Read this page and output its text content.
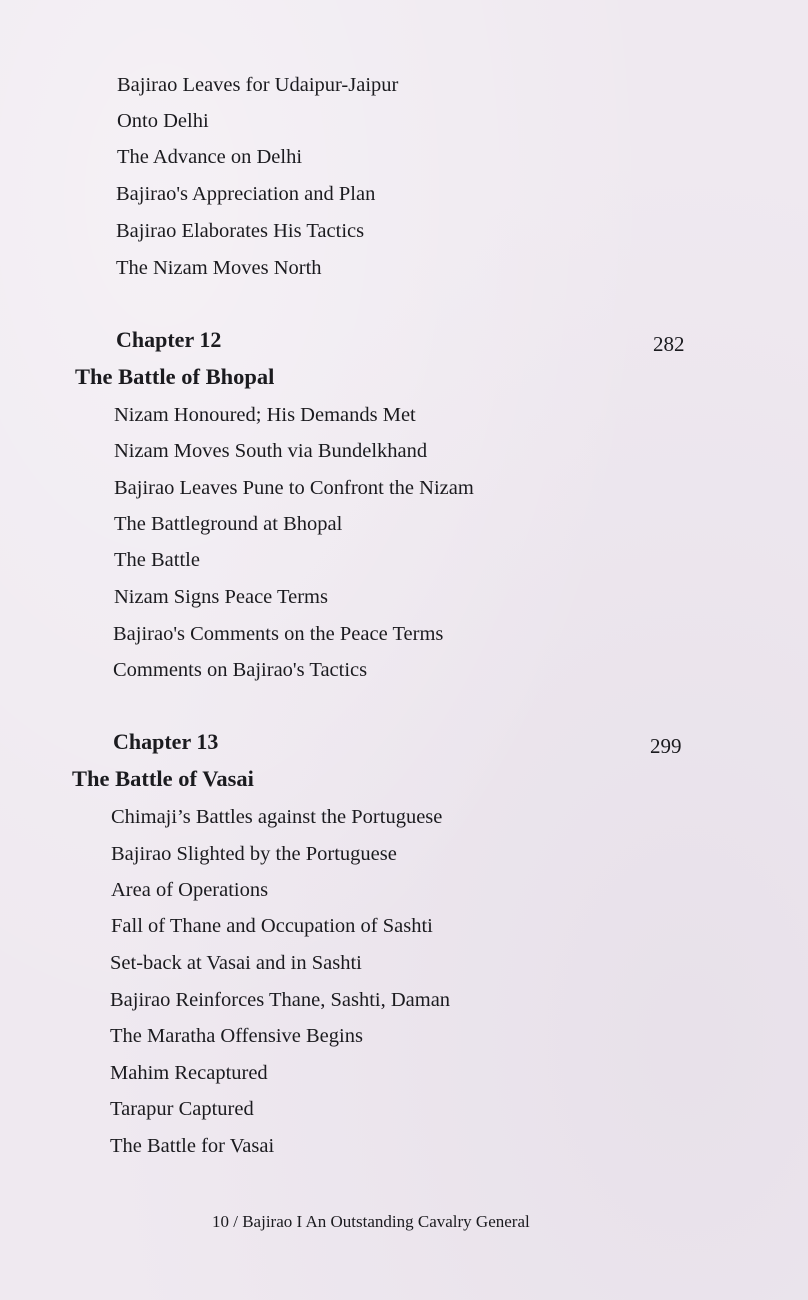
Bajirao Leaves for Udaipur-Jaipur
Onto Delhi
The Advance on Delhi
Bajirao's Appreciation and Plan
Bajirao Elaborates His Tactics
The Nizam Moves North
Chapter 12	282
The Battle of Bhopal
Nizam Honoured; His Demands Met
Nizam Moves South via Bundelkhand
Bajirao Leaves Pune to Confront the Nizam
The Battleground at Bhopal
The Battle
Nizam Signs Peace Terms
Bajirao's Comments on the Peace Terms
Comments on Bajirao's Tactics
Chapter 13	299
The Battle of Vasai
Chimaji’s Battles against the Portuguese
Bajirao Slighted by the Portuguese
Area of Operations
Fall of Thane and Occupation of Sashti
Set-back at Vasai and in Sashti
Bajirao Reinforces Thane, Sashti, Daman
The Maratha Offensive Begins
Mahim Recaptured
Tarapur Captured
The Battle for Vasai
10 / Bajirao I An Outstanding Cavalry General
